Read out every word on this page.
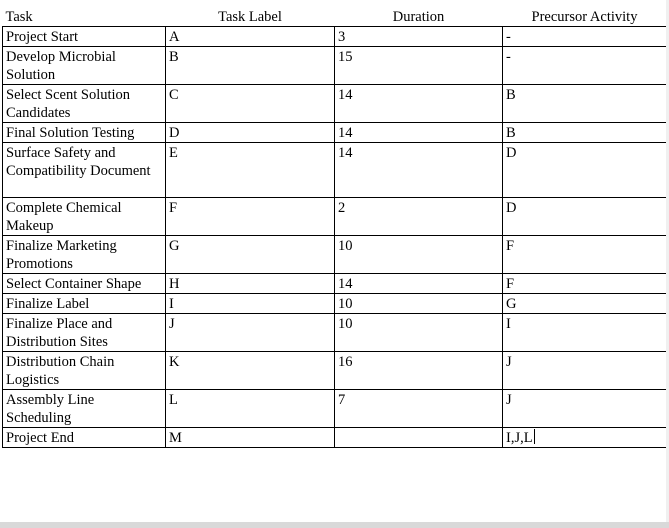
Task	Task Label	Duration	Precursor Activity
Project Start	A	3	-
Develop Microbial Solution	B	15	-
Select Scent Solution Candidates	C	14	B
Final Solution Testing	D	14	B
Surface Safety and Compatibility Document	E	14	D
Complete Chemical Makeup	F	2	D
Finalize Marketing Promotions	G	10	F
Select Container Shape	H	14	F
Finalize Label	I	10	G
Finalize Place and Distribution Sites	J	10	I
Distribution Chain Logistics	K	16	J
Assembly Line Scheduling	L	7	J
Project End	M		I,J,L
